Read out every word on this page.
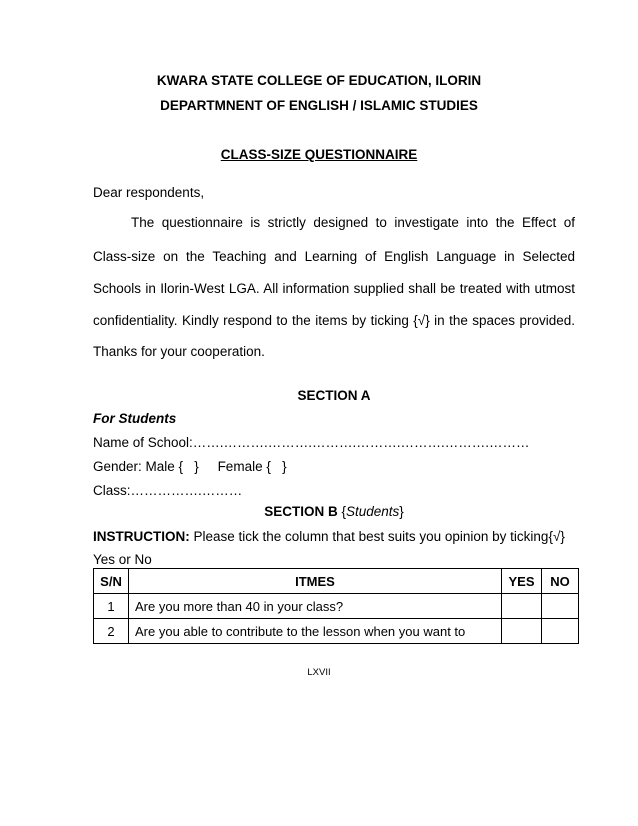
KWARA STATE COLLEGE OF EDUCATION, ILORIN
DEPARTMNENT OF ENGLISH / ISLAMIC STUDIES
CLASS-SIZE QUESTIONNAIRE
Dear respondents,
The questionnaire is strictly designed to investigate into the Effect of
Class-size on the Teaching and Learning of English Language in Selected
Schools in Ilorin-West LGA. All information supplied shall be treated with utmost
confidentiality. Kindly respond to the items by ticking {√} in the spaces provided.
Thanks for your cooperation.
SECTION A
For Students
Name of School:…….……….……….……….……….……….……….………
Gender: Male {   }     Female {   }
Class:…………….………
SECTION B {Students}
INSTRUCTION: Please tick the column that best suits you opinion by ticking{√}
Yes or No
S/N	ITMES	YES	NO
1	Are you more than 40 in your class?		
2	Are you able to contribute to the lesson when you want to		
LXVII
